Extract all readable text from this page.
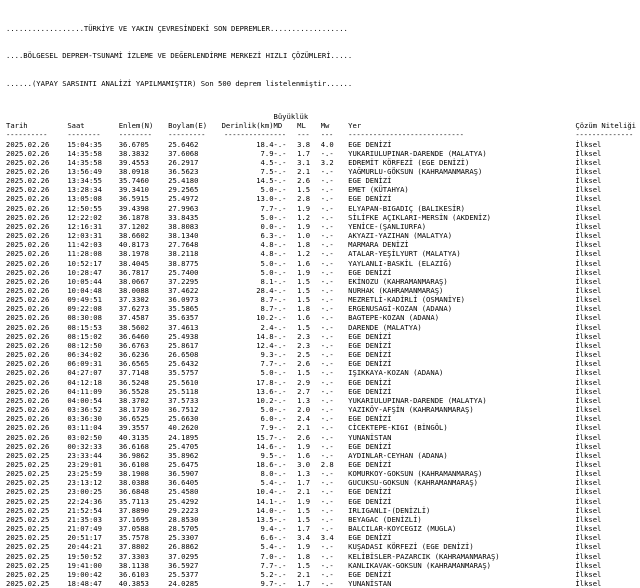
..................TÜRKİYE VE YAKIN ÇEVRESİNDEKİ SON DEPREMLER..................

....BÖLGESEL DEPREM-TSUNAMİ İZLEME VE DEĞERLENDİRME MERKEZİ HIZLI ÇÖZÜMLERİ.....

......(YAPAY SARSINTI ANALİZİ YAPILMAMIŞTIR) Son 500 deprem listelenmiştir......

					Büyüklük				
Tarih	Saat	Enlem(N)	Boylam(E)	Derinlik(km)	MD	ML	Mw	Yer	Çözüm Niteliği
----------	--------	--------	---------	------------	---	---	---	----------------------------	--------------
2025.02.26	15:04:35	36.6705	25.6462	18.4	-.-	3.8	4.0	EGE DENİZİ	İlksel
2025.02.26	14:35:58	38.3832	37.6068	7.9	-.-	1.7	-.-	YUKARIULUPINAR-DARENDE (MALATYA)	İlksel
2025.02.26	14:35:58	39.4553	26.2917	4.5	-.-	3.1	3.2	EDREMİT KÖRFEZİ (EGE DENİZİ)	İlksel
2025.02.26	13:56:49	38.0918	36.5623	7.5	-.-	2.1	-.-	YAĞMURLU-GÖKSUN (KAHRAMANMARAŞ)	İlksel
2025.02.26	13:34:55	35.7460	25.4180	14.5	-.-	2.6	-.-	EGE DENİZİ	İlksel
2025.02.26	13:28:34	39.3410	29.2565	5.0	-.-	1.5	-.-	EMET (KÜTAHYA)	İlksel
2025.02.26	13:05:08	36.5915	25.4972	13.0	-.-	2.8	-.-	EGE DENİZİ	İlksel
2025.02.26	12:50:55	39.4398	27.9963	7.7	-.-	1.9	-.-	ELYAPAN-BIGADIÇ (BALIKESİR)	İlksel
2025.02.26	12:22:02	36.1878	33.8435	5.0	-.-	1.2	-.-	SİLİFKE AÇIKLARI-MERSİN (AKDENİZ)	İlksel
2025.02.26	12:16:31	37.1202	38.8083	0.0	-.-	1.9	-.-	YENİCE-(ŞANLIURFA)	İlksel
2025.02.26	12:03:31	38.6602	38.1340	6.3	-.-	1.0	-.-	AKYAZI-YAZIHAN (MALATYA)	İlksel
2025.02.26	11:42:03	40.8173	27.7648	4.8	-.-	1.8	-.-	MARMARA DENİZİ	İlksel
2025.02.26	11:28:08	38.1978	38.2118	4.8	-.-	1.2	-.-	ATALAR-YEŞİLYURT (MALATYA)	İlksel
2025.02.26	10:52:17	38.4045	38.8775	5.0	-.-	1.6	-.-	YAYLANLI-BASKİL (ELAZIĞ)	İlksel
2025.02.26	10:28:47	36.7817	25.7400	5.0	-.-	1.9	-.-	EGE DENİZİ	İlksel
2025.02.26	10:05:44	38.0667	37.2295	8.1	-.-	1.5	-.-	EKİNOZU (KAHRAMANMARAŞ)	İlksel
2025.02.26	10:04:48	38.0088	37.4622	28.4	-.-	1.5	-.-	NURHAK (KAHRAMANMARAŞ)	İlksel
2025.02.26	09:49:51	37.3302	36.0973	8.7	-.-	1.5	-.-	MEZRETLİ-KADİRLİ (OSMANİYE)	İlksel
2025.02.26	09:22:08	37.6273	35.5865	8.7	-.-	1.8	-.-	ERGENUSAGİ-KOZAN (ADANA)	İlksel
2025.02.26	08:30:08	37.4587	35.6357	10.2	-.-	1.6	-.-	BAGTEPE-KOZAN (ADANA)	İlksel
2025.02.26	08:15:53	38.5602	37.4613	2.4	-.-	1.5	-.-	DARENDE (MALATYA)	İlksel
2025.02.26	08:15:02	36.6460	25.4938	14.8	-.-	2.3	-.-	EGE DENİZİ	İlksel
2025.02.26	08:12:50	36.6763	25.8617	12.4	-.-	2.3	-.-	EGE DENİZİ	İlksel
2025.02.26	06:34:02	36.6236	26.6508	9.3	-.-	2.5	-.-	EGE DENİZİ	İlksel
2025.02.26	06:09:31	36.6565	25.6432	7.7	-.-	2.6	-.-	EGE DENİZİ	İlksel
2025.02.26	04:27:07	37.7148	35.5757	5.0	-.-	1.5	-.-	IŞIKKAYA-KOZAN (ADANA)	İlksel
2025.02.26	04:12:18	36.5248	25.5610	17.8	-.-	2.9	-.-	EGE DENİZİ	İlksel
2025.02.26	04:11:09	36.5528	25.5118	13.6	-.-	2.7	-.-	EGE DENİZİ	İlksel
2025.02.26	04:00:54	38.3702	37.5733	10.2	-.-	1.3	-.-	YUKARIULUPINAR-DARENDE (MALATYA)	İlksel
2025.02.26	03:36:52	38.1730	36.7512	5.0	-.-	2.0	-.-	YAZIKÖY-AFŞİN (KAHRAMANMARAŞ)	İlksel
2025.02.26	03:36:30	36.6525	25.6630	6.0	-.-	2.4	-.-	EGE DENİZİ	İlksel
2025.02.26	03:11:04	39.3557	40.2620	7.9	-.-	2.1	-.-	CİCEKTEPE-KIGI (BİNGÖL)	İlksel
2025.02.26	03:02:50	40.3135	24.1895	15.7	-.-	2.6	-.-	YUNANİSTAN	İlksel
2025.02.26	00:32:33	36.6168	25.4705	14.6	-.-	1.9	-.-	EGE DENİZİ	İlksel
2025.02.25	23:33:44	36.9862	35.8962	9.5	-.-	1.6	-.-	AYDINLAR-CEYHAN (ADANA)	İlksel
2025.02.25	23:29:01	36.6108	25.6475	18.6	-.-	3.0	2.8	EGE DENİZİ	İlksel
2025.02.25	23:25:59	38.1908	36.5907	8.0	-.-	1.3	-.-	KOMURKOY-GOKSUN (KAHRAMANMARAŞ)	İlksel
2025.02.25	23:13:12	38.0388	36.6405	5.4	-.-	1.7	-.-	GUCUKSU-GOKSUN (KAHRAMANMARAŞ)	İlksel
2025.02.25	23:00:25	36.6848	25.4580	10.4	-.-	2.1	-.-	EGE DENİZİ	İlksel
2025.02.25	22:24:36	35.7113	25.4292	14.1	-.-	1.9	-.-	EGE DENİZİ	İlksel
2025.02.25	21:52:54	37.8890	29.2223	14.0	-.-	1.5	-.-	IRLIGANLI-(DENİZLİ)	İlksel
2025.02.25	21:35:03	37.1695	28.8530	13.5	-.-	1.5	-.-	BEYAGAC (DENİZLİ)	İlksel
2025.02.25	21:07:49	37.0588	28.5705	9.4	-.-	1.7	-.-	BALCILAR-KOYCEGIZ (MUGLA)	İlksel
2025.02.25	20:51:17	35.7578	25.3307	6.6	-.-	3.4	3.4	EGE DENİZİ	İlksel
2025.02.25	20:44:21	37.8802	26.8862	5.4	-.-	1.9	-.-	KUŞADASI KÖRFEZİ (EGE DENİZİ)	İlksel
2025.02.25	19:50:52	37.3303	37.0295	7.0	-.-	1.8	-.-	KELİBİSLER-PAZARCIK (KAHRAMANMARAŞ)	İlksel
2025.02.25	19:41:00	38.1138	36.5927	7.7	-.-	1.5	-.-	KANLIKAVAK-GOKSUN (KAHRAMANMARAŞ)	İlksel
2025.02.25	19:00:42	36.6103	25.5377	5.2	-.-	2.1	-.-	EGE DENİZİ	İlksel
2025.02.25	18:48:47	40.3853	24.0285	9.7	-.-	1.7	-.-	YUNANİSTAN	İlksel
